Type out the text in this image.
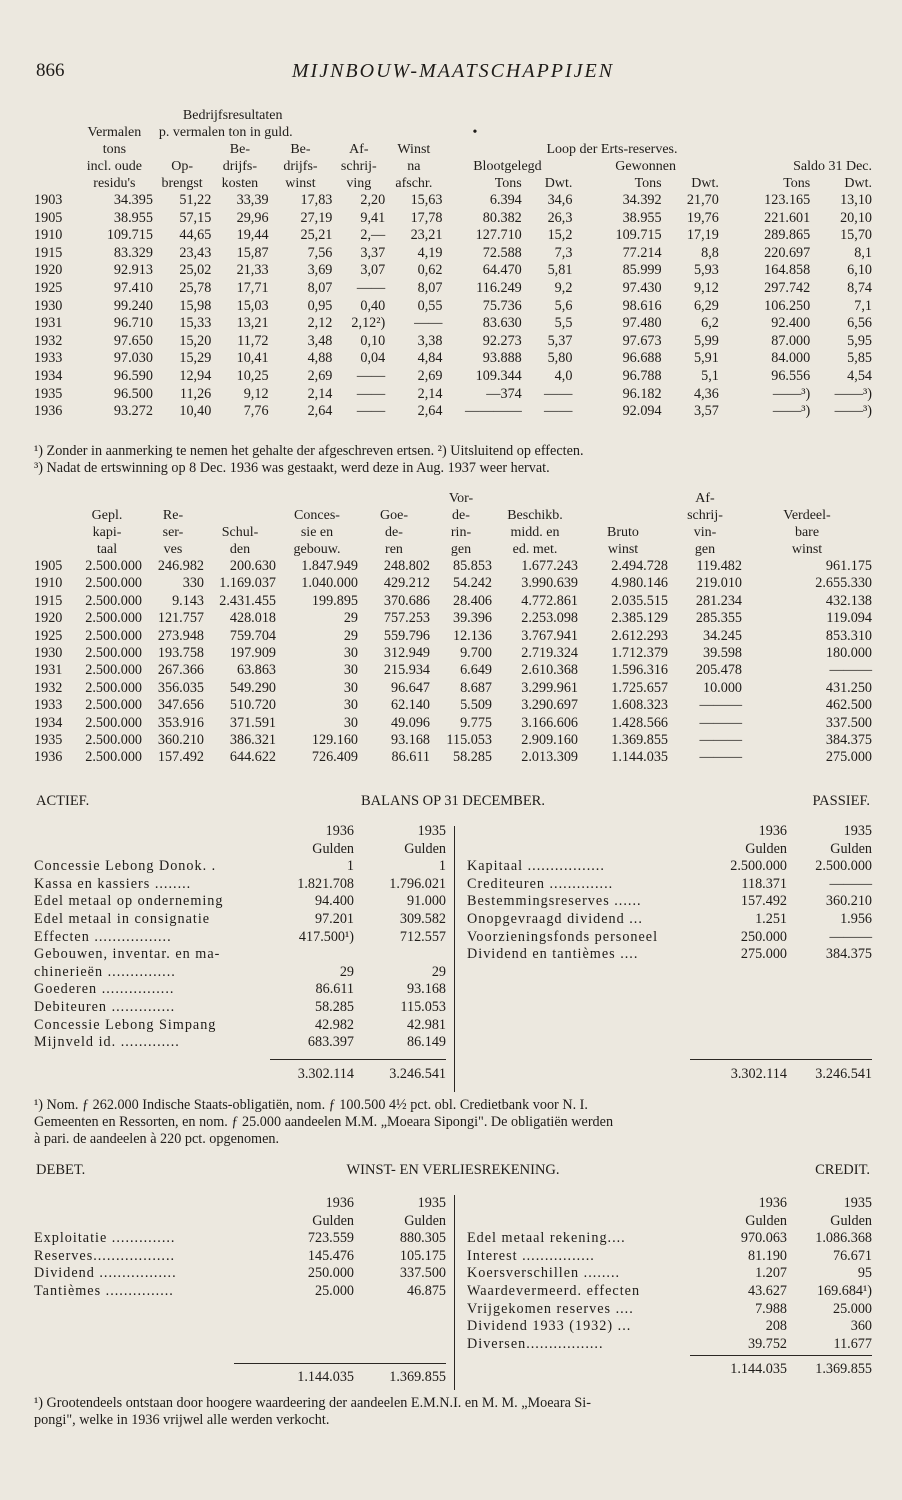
866	MIJNBOUW-MAATSCHAPPIJEN
		Bedrijfsresultaten										
	Vermalen	p. vermalen ton in guld.					•					
	tons		Be-	Be-	Af-	Winst	Loop der Erts-reserves.					
	incl. oude	Op-	drijfs-	drijfs-	schrij-	na	Blootgelegd		Gewonnen		Saldo 31 Dec.	
	residu's	brengst	kosten	winst	ving	afschr.	Tons	Dwt.	Tons	Dwt.	Tons	Dwt.
1903	34.395	51,22	33,39	17,83	2,20	15,63	6.394	34,6	34.392	21,70	123.165	13,10
1905	38.955	57,15	29,96	27,19	9,41	17,78	80.382	26,3	38.955	19,76	221.601	20,10
1910	109.715	44,65	19,44	25,21	2,—	23,21	127.710	15,2	109.715	17,19	289.865	15,70
1915	83.329	23,43	15,87	7,56	3,37	4,19	72.588	7,3	77.214	8,8	220.697	8,1
1920	92.913	25,02	21,33	3,69	3,07	0,62	64.470	5,81	85.999	5,93	164.858	6,10
1925	97.410	25,78	17,71	8,07	——	8,07	116.249	9,2	97.430	9,12	297.742	8,74
1930	99.240	15,98	15,03	0,95	0,40	0,55	75.736	5,6	98.616	6,29	106.250	7,1
1931	96.710	15,33	13,21	2,12	2,12²)	——	83.630	5,5	97.480	6,2	92.400	6,56
1932	97.650	15,20	11,72	3,48	0,10	3,38	92.273	5,37	97.673	5,99	87.000	5,95
1933	97.030	15,29	10,41	4,88	0,04	4,84	93.888	5,80	96.688	5,91	84.000	5,85
1934	96.590	12,94	10,25	2,69	——	2,69	109.344	4,0	96.788	5,1	96.556	4,54
1935	96.500	11,26	9,12	2,14	——	2,14	—374	——	96.182	4,36	——³)	——³)
1936	93.272	10,40	7,76	2,64	——	2,64	————	——	92.094	3,57	——³)	——³)
¹) Zonder in aanmerking te nemen het gehalte der afgeschreven ertsen. ²) Uitsluitend op effecten.
³) Nadat de ertswinning op 8 Dec. 1936 was gestaakt, werd deze in Aug. 1937 weer hervat.
						Vor-			Af-	
	Gepl.	Re-		Conces-	Goe-	de-	Beschikb.		schrij-	Verdeel-
	kapi-	ser-	Schul-	sie en	de-	rin-	midd. en	Bruto	vin-	bare
	taal	ves	den	gebouw.	ren	gen	ed. met.	winst	gen	winst
1905	2.500.000	246.982	200.630	1.847.949	248.802	85.853	1.677.243	2.494.728	119.482	961.175
1910	2.500.000	330	1.169.037	1.040.000	429.212	54.242	3.990.639	4.980.146	219.010	2.655.330
1915	2.500.000	9.143	2.431.455	199.895	370.686	28.406	4.772.861	2.035.515	281.234	432.138
1920	2.500.000	121.757	428.018	29	757.253	39.396	2.253.098	2.385.129	285.355	119.094
1925	2.500.000	273.948	759.704	29	559.796	12.136	3.767.941	2.612.293	34.245	853.310
1930	2.500.000	193.758	197.909	30	312.949	9.700	2.719.324	1.712.379	39.598	180.000
1931	2.500.000	267.366	63.863	30	215.934	6.649	2.610.368	1.596.316	205.478	———
1932	2.500.000	356.035	549.290	30	96.647	8.687	3.299.961	1.725.657	10.000	431.250
1933	2.500.000	347.656	510.720	30	62.140	5.509	3.290.697	1.608.323	———	462.500
1934	2.500.000	353.916	371.591	30	49.096	9.775	3.166.606	1.428.566	———	337.500
1935	2.500.000	360.210	386.321	129.160	93.168	115.053	2.909.160	1.369.855	———	384.375
1936	2.500.000	157.492	644.622	726.409	86.611	58.285	2.013.309	1.144.035	———	275.000
ACTIEF.	BALANS OP 31 DECEMBER.	PASSIEF.
	1936	1935
	Gulden	Gulden
Concessie Lebong Donok. .	1	1
Kassa en kassiers ........	1.821.708	1.796.021
Edel metaal op onderneming	94.400	91.000
Edel metaal in consignatie	97.201	309.582
Effecten .................	417.500¹)	712.557
Gebouwen, inventar. en ma-		
chinerieën ...............	29	29
Goederen ................	86.611	93.168
Debiteuren ..............	58.285	115.053
Concessie Lebong Simpang	42.982	42.981
Mijnveld id. .............	683.397	86.149
	1936	1935
	Gulden	Gulden
Kapitaal .................	2.500.000	2.500.000
Crediteuren ..............	118.371	———
Bestemmingsreserves ......	157.492	360.210
Onopgevraagd dividend ...	1.251	1.956
Voorzieningsfonds personeel	250.000	———
Dividend en tantièmes ....	275.000	384.375
	3.302.114	3.246.541
		3.302.114	3.246.541
¹) Nom. ƒ 262.000 Indische Staats-obligatiën, nom. ƒ 100.500 4½ pct. obl. Credietbank voor N. I.
Gemeenten en Ressorten, en nom. ƒ 25.000 aandeelen M.M. „Moeara Sipongi". De obligatiën werden
à pari. de aandeelen à 220 pct. opgenomen.
DEBET.	WINST- EN VERLIESREKENING.	CREDIT.
	1936	1935
	Gulden	Gulden
Exploitatie ..............	723.559	880.305
Reserves..................	145.476	105.175
Dividend .................	250.000	337.500
Tantièmes ...............	25.000	46.875
	1936	1935
	Gulden	Gulden
Edel metaal rekening....	970.063	1.086.368
Interest ................	81.190	76.671
Koersverschillen ........	1.207	95
Waardevermeerd. effecten	43.627	169.684¹)
Vrijgekomen reserves ....	7.988	25.000
Dividend 1933 (1932) ...	208	360
Diversen.................	39.752	11.677
	1.144.035	1.369.855
		1.144.035	1.369.855
¹) Grootendeels ontstaan door hoogere waardeering der aandeelen E.M.N.I. en M. M. „Moeara Si-
pongi", welke in 1936 vrijwel alle werden verkocht.
